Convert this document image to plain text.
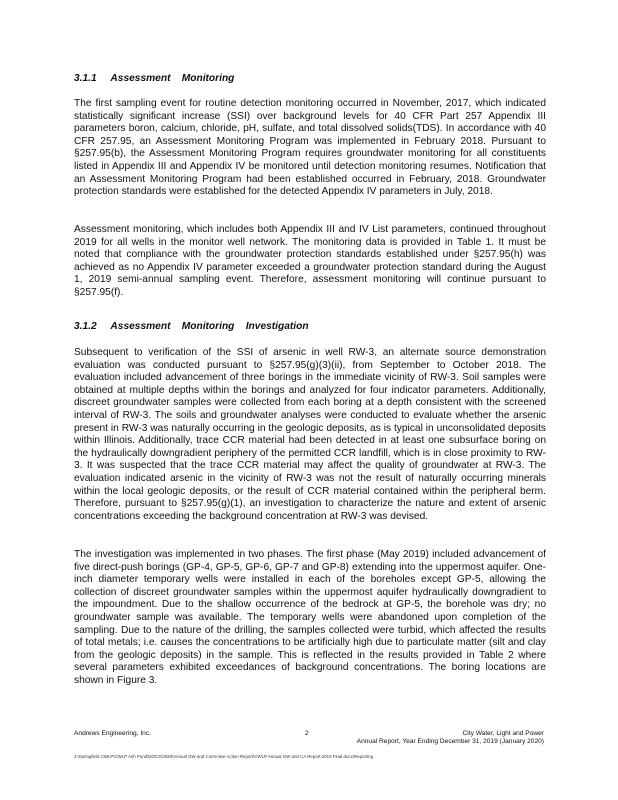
3.1.1     Assessment    Monitoring

The first sampling event for routine detection monitoring occurred in November, 2017, which indicated statistically significant increase (SSI) over background levels for 40 CFR Part 257 Appendix III parameters boron, calcium, chloride, pH, sulfate, and total dissolved solids(TDS). In accordance with 40 CFR 257.95, an Assessment Monitoring Program was implemented in February 2018. Pursuant to §257.95(b), the Assessment Monitoring Program requires groundwater monitoring for all constituents listed in Appendix III and Appendix IV be monitored until detection monitoring resumes. Notification that an Assessment Monitoring Program had been established occurred in February, 2018. Groundwater protection standards were established for the detected Appendix IV parameters in July, 2018.

Assessment monitoring, which includes both Appendix III and IV List parameters, continued throughout 2019 for all wells in the monitor well network. The monitoring data is provided in Table 1. It must be noted that compliance with the groundwater protection standards established under §257.95(h) was achieved as no Appendix IV parameter exceeded a groundwater protection standard during the August 1, 2019 semi-annual sampling event. Therefore, assessment monitoring will continue pursuant to §257.95(f).

3.1.2     Assessment    Monitoring    Investigation

Subsequent to verification of the SSI of arsenic in well RW-3, an alternate source demonstration evaluation was conducted pursuant to §257.95(g)(3)(ii), from September to October 2018. The evaluation included advancement of three borings in the immediate vicinity of RW-3. Soil samples were obtained at multiple depths within the borings and analyzed for four indicator parameters. Additionally, discreet groundwater samples were collected from each boring at a depth consistent with the screened interval of RW-3. The soils and groundwater analyses were conducted to evaluate whether the arsenic present in RW-3 was naturally occurring in the geologic deposits, as is typical in unconsolidated deposits within Illinois. Additionally, trace CCR material had been detected in at least one subsurface boring on the hydraulically downgradient periphery of the permitted CCR landfill, which is in close proximity to RW-3. It was suspected that the trace CCR material may affect the quality of groundwater at RW-3. The evaluation indicated arsenic in the vicinity of RW-3 was not the result of naturally occurring minerals within the local geologic deposits, or the result of CCR material contained within the peripheral berm. Therefore, pursuant to §257.95(g)(1), an investigation to characterize the nature and extent of arsenic concentrations exceeding the background concentration at RW-3 was devised.

The investigation was implemented in two phases. The first phase (May 2019) included advancement of five direct-push borings (GP-4, GP-5, GP-6, GP-7 and GP-8) extending into the uppermost aquifer. One-inch diameter temporary wells were installed in each of the boreholes except GP-5, allowing the collection of discreet groundwater samples within the uppermost aquifer hydraulically downgradient to the impoundment. Due to the shallow occurrence of the bedrock at GP-5, the borehole was dry; no groundwater sample was available. The temporary wells were abandoned upon completion of the sampling. Due to the nature of the drilling, the samples collected were turbid, which affected the results of total metals; i.e. causes the concentrations to be artificially high due to particulate matter (silt and clay from the geologic deposits) in the sample. This is reflected in the results provided in Table 2 where several parameters exhibited exceedances of background concentrations. The boring locations are shown in Figure 3.

Andrews Engineering, Inc.	2	City Water, Light and Power
Annual Report, Year Ending December 31, 2019 (January 2020)
J:\Springfield CWLP\CWLP Ash Pond\DOCS\2020\Annual GW and Corrective Action Report\CWLP Annual GW and CA Report-2019 Final.docx\Reporting
